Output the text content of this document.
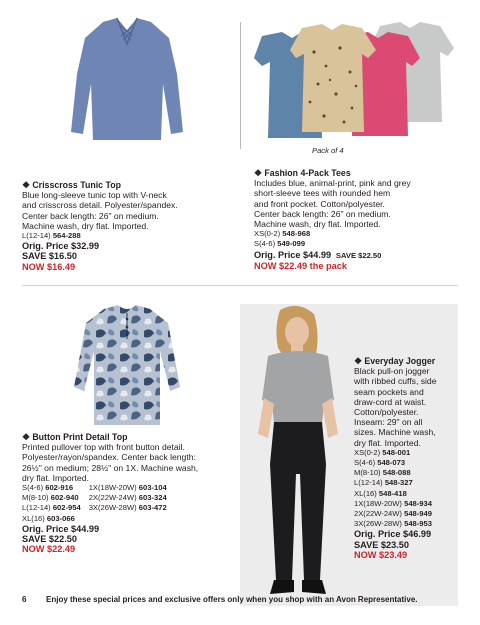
Pack of 4
❖ Crisscross Tunic Top
Blue long-sleeve tunic top with V-neck
and crisscross detail. Polyester/spandex.
Center back length: 26" on medium.
Machine wash, dry flat. Imported.
L(12-14) 564-288
Orig. Price $32.99
SAVE $16.50
NOW $16.49
❖ Fashion 4-Pack Tees
Includes blue, animal-print, pink and grey
short-sleeve tees with rounded hem
and front pocket. Cotton/polyester.
Center back length: 26" on medium.
Machine wash, dry flat. Imported.
XS(0-2) 548-968
S(4-6) 549-099
Orig. Price $44.99 SAVE $22.50
NOW $22.49 the pack
❖ Button Print Detail Top
Printed pullover top with front button detail.
Polyester/rayon/spandex. Center back length:
26½" on medium; 28½" on 1X. Machine wash,
dry flat. Imported.
S(4-6) 602-916
M(8-10) 602-940
L(12-14) 602-954
XL(16) 603-066
1X(18W-20W) 603-104
2X(22W-24W) 603-324
3X(26W-28W) 603-472
Orig. Price $44.99
SAVE $22.50
NOW $22.49
❖ Everyday Jogger
Black pull-on jogger
with ribbed cuffs, side
seam pockets and
draw-cord at waist.
Cotton/polyester.
Inseam: 29" on all
sizes. Machine wash,
dry flat. Imported.
XS(0-2) 548-001
S(4-6) 548-073
M(8-10) 548-088
L(12-14) 548-327
XL(16) 548-418
1X(18W-20W) 548-934
2X(22W-24W) 548-949
3X(26W-28W) 548-953
Orig. Price $46.99
SAVE $23.50
NOW $23.49
6 Enjoy these special prices and exclusive offers only when you shop with an Avon Representative.
